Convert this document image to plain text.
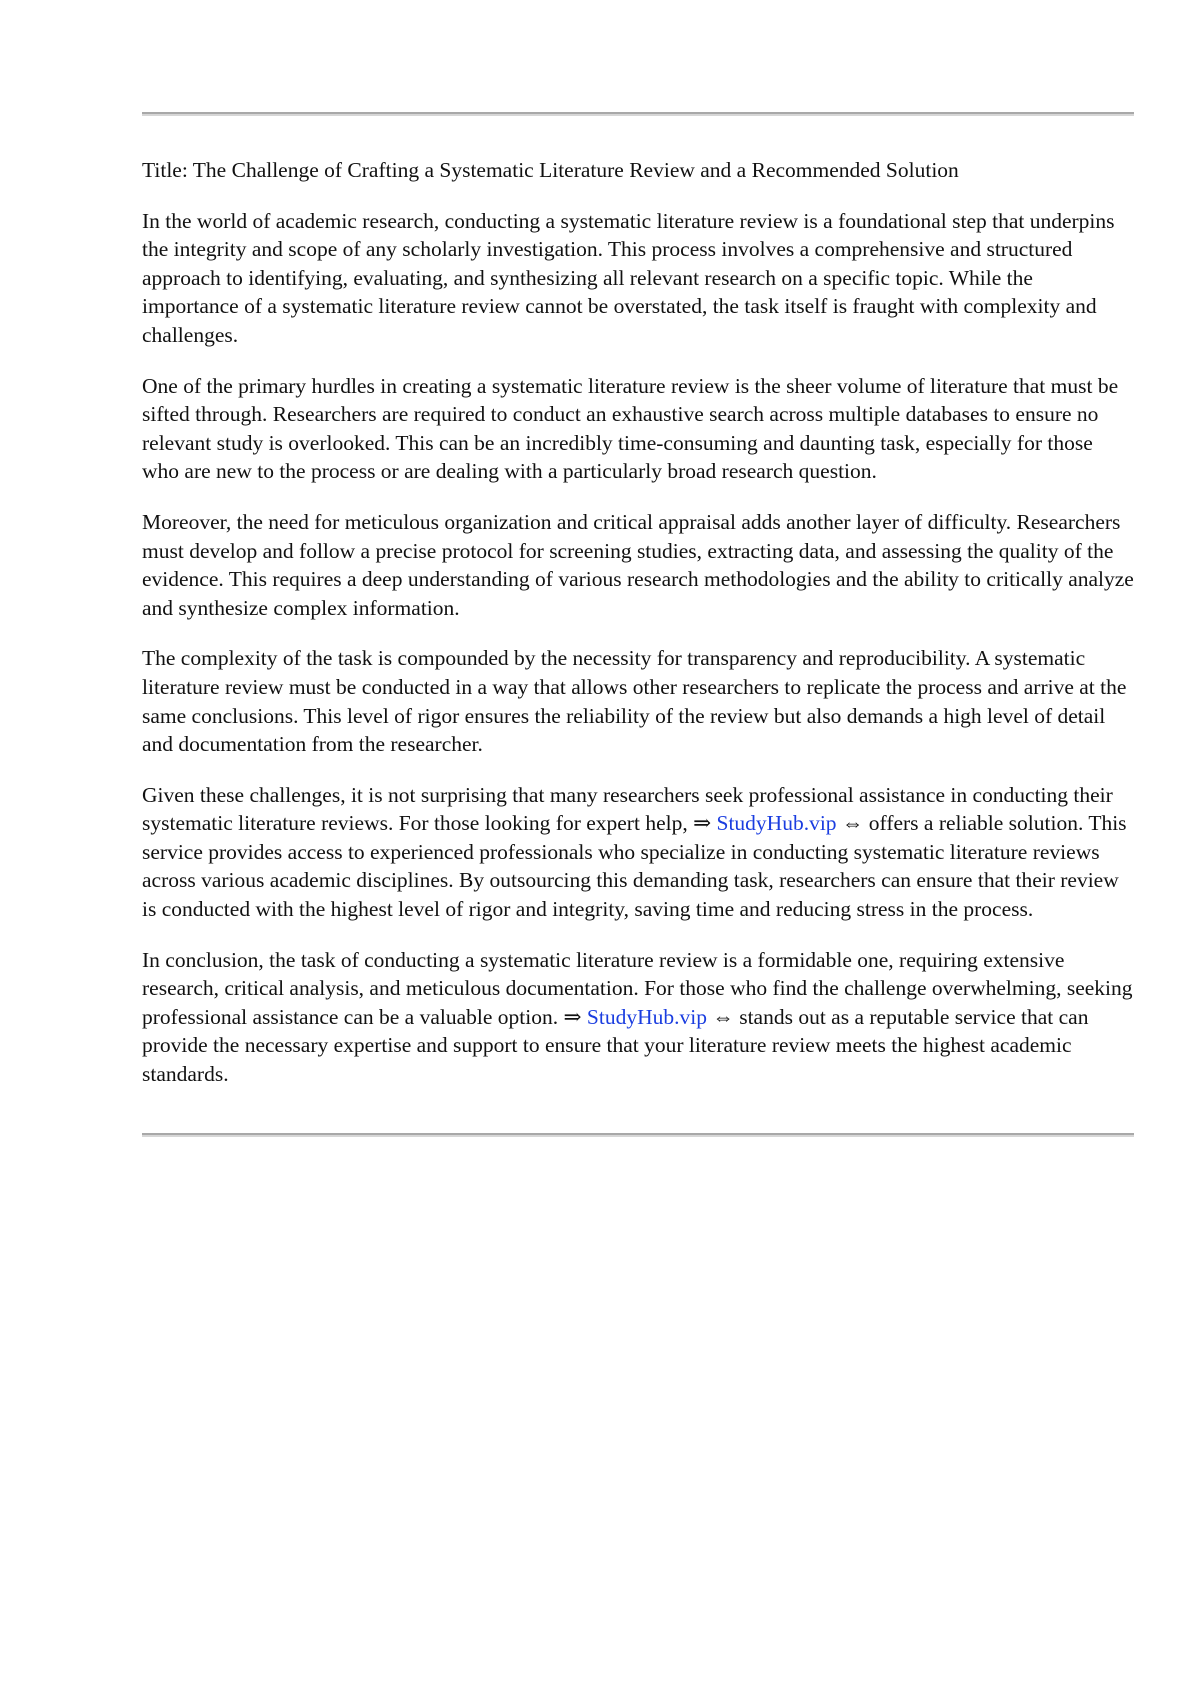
Title: The Challenge of Crafting a Systematic Literature Review and a Recommended Solution

In the world of academic research, conducting a systematic literature review is a foundational step that underpins the integrity and scope of any scholarly investigation. This process involves a comprehensive and structured approach to identifying, evaluating, and synthesizing all relevant research on a specific topic. While the importance of a systematic literature review cannot be overstated, the task itself is fraught with complexity and challenges.

One of the primary hurdles in creating a systematic literature review is the sheer volume of literature that must be sifted through. Researchers are required to conduct an exhaustive search across multiple databases to ensure no relevant study is overlooked. This can be an incredibly time-consuming and daunting task, especially for those who are new to the process or are dealing with a particularly broad research question.

Moreover, the need for meticulous organization and critical appraisal adds another layer of difficulty. Researchers must develop and follow a precise protocol for screening studies, extracting data, and assessing the quality of the evidence. This requires a deep understanding of various research methodologies and the ability to critically analyze and synthesize complex information.

The complexity of the task is compounded by the necessity for transparency and reproducibility. A systematic literature review must be conducted in a way that allows other researchers to replicate the process and arrive at the same conclusions. This level of rigor ensures the reliability of the review but also demands a high level of detail and documentation from the researcher.

Given these challenges, it is not surprising that many researchers seek professional assistance in conducting their systematic literature reviews. For those looking for expert help, ⇒ StudyHub.vip ⇔ offers a reliable solution. This service provides access to experienced professionals who specialize in conducting systematic literature reviews across various academic disciplines. By outsourcing this demanding task, researchers can ensure that their review is conducted with the highest level of rigor and integrity, saving time and reducing stress in the process.

In conclusion, the task of conducting a systematic literature review is a formidable one, requiring extensive research, critical analysis, and meticulous documentation. For those who find the challenge overwhelming, seeking professional assistance can be a valuable option. ⇒ StudyHub.vip ⇔ stands out as a reputable service that can provide the necessary expertise and support to ensure that your literature review meets the highest academic standards.
